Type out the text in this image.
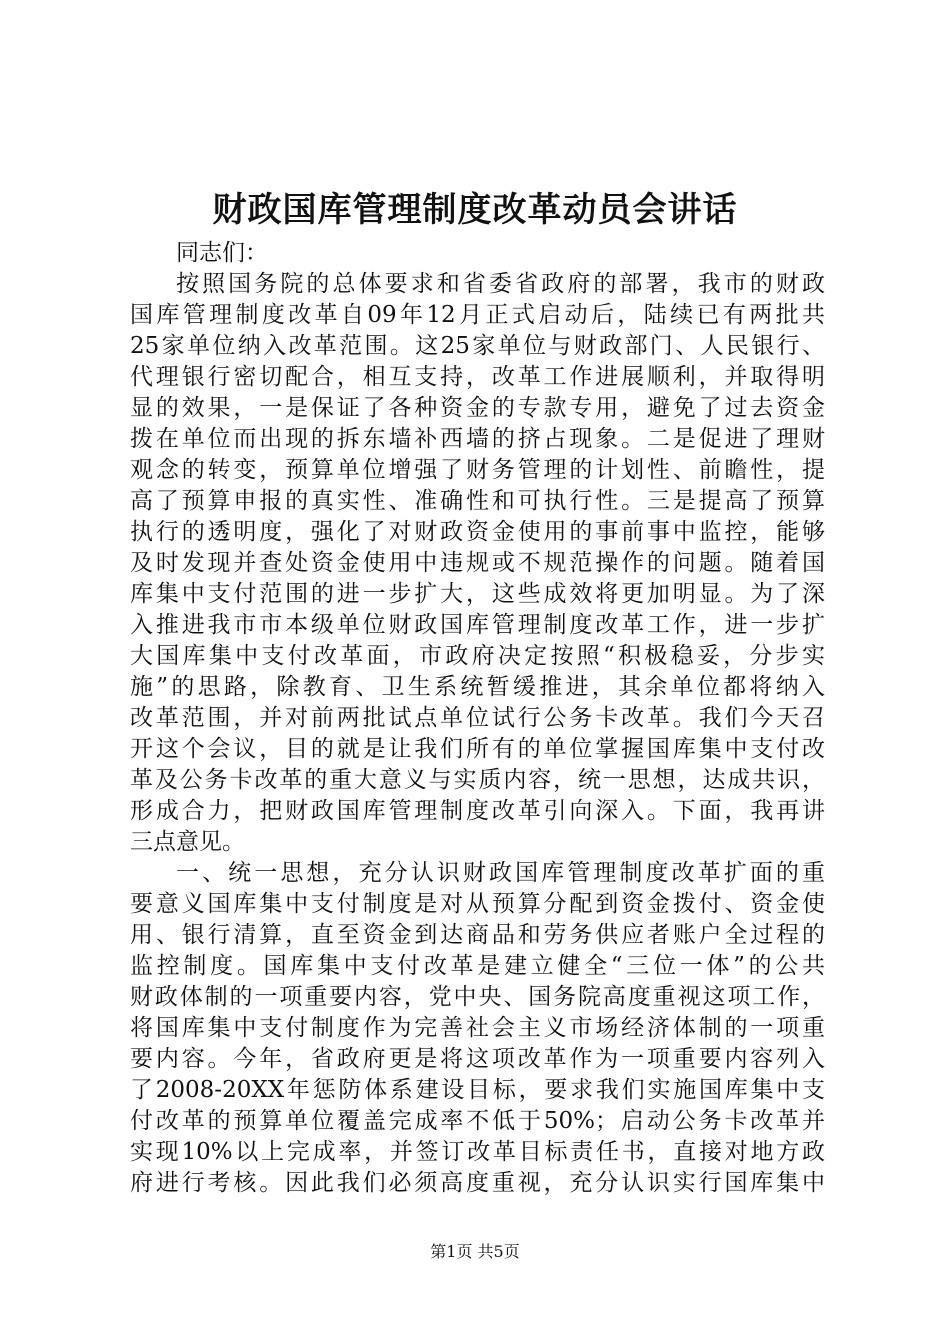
财政国库管理制度改革动员会讲话
同志们：
按照国务院的总体要求和省委省政府的部署，我市的财政
国库管理制度改革自09年12月正式启动后，陆续已有两批共
25家单位纳入改革范围。这25家单位与财政部门、人民银行、
代理银行密切配合，相互支持，改革工作进展顺利，并取得明
显的效果，一是保证了各种资金的专款专用，避免了过去资金
拨在单位而出现的拆东墙补西墙的挤占现象。二是促进了理财
观念的转变，预算单位增强了财务管理的计划性、前瞻性，提
高了预算申报的真实性、准确性和可执行性。三是提高了预算
执行的透明度，强化了对财政资金使用的事前事中监控，能够
及时发现并查处资金使用中违规或不规范操作的问题。随着国
库集中支付范围的进一步扩大，这些成效将更加明显。为了深
入推进我市市本级单位财政国库管理制度改革工作，进一步扩
大国库集中支付改革面，市政府决定按照“积极稳妥，分步实
施”的思路，除教育、卫生系统暂缓推进，其余单位都将纳入
改革范围，并对前两批试点单位试行公务卡改革。我们今天召
开这个会议，目的就是让我们所有的单位掌握国库集中支付改
革及公务卡改革的重大意义与实质内容，统一思想，达成共识，
形成合力，把财政国库管理制度改革引向深入。下面，我再讲
三点意见。
一、统一思想，充分认识财政国库管理制度改革扩面的重
要意义国库集中支付制度是对从预算分配到资金拨付、资金使
用、银行清算，直至资金到达商品和劳务供应者账户全过程的
监控制度。国库集中支付改革是建立健全“三位一体”的公共
财政体制的一项重要内容，党中央、国务院高度重视这项工作，
将国库集中支付制度作为完善社会主义市场经济体制的一项重
要内容。今年，省政府更是将这项改革作为一项重要内容列入
了2008-20XX年惩防体系建设目标，要求我们实施国库集中支
付改革的预算单位覆盖完成率不低于50%；启动公务卡改革并
实现10%以上完成率，并签订改革目标责任书，直接对地方政
府进行考核。因此我们必须高度重视，充分认识实行国库集中
第1页 共5页
